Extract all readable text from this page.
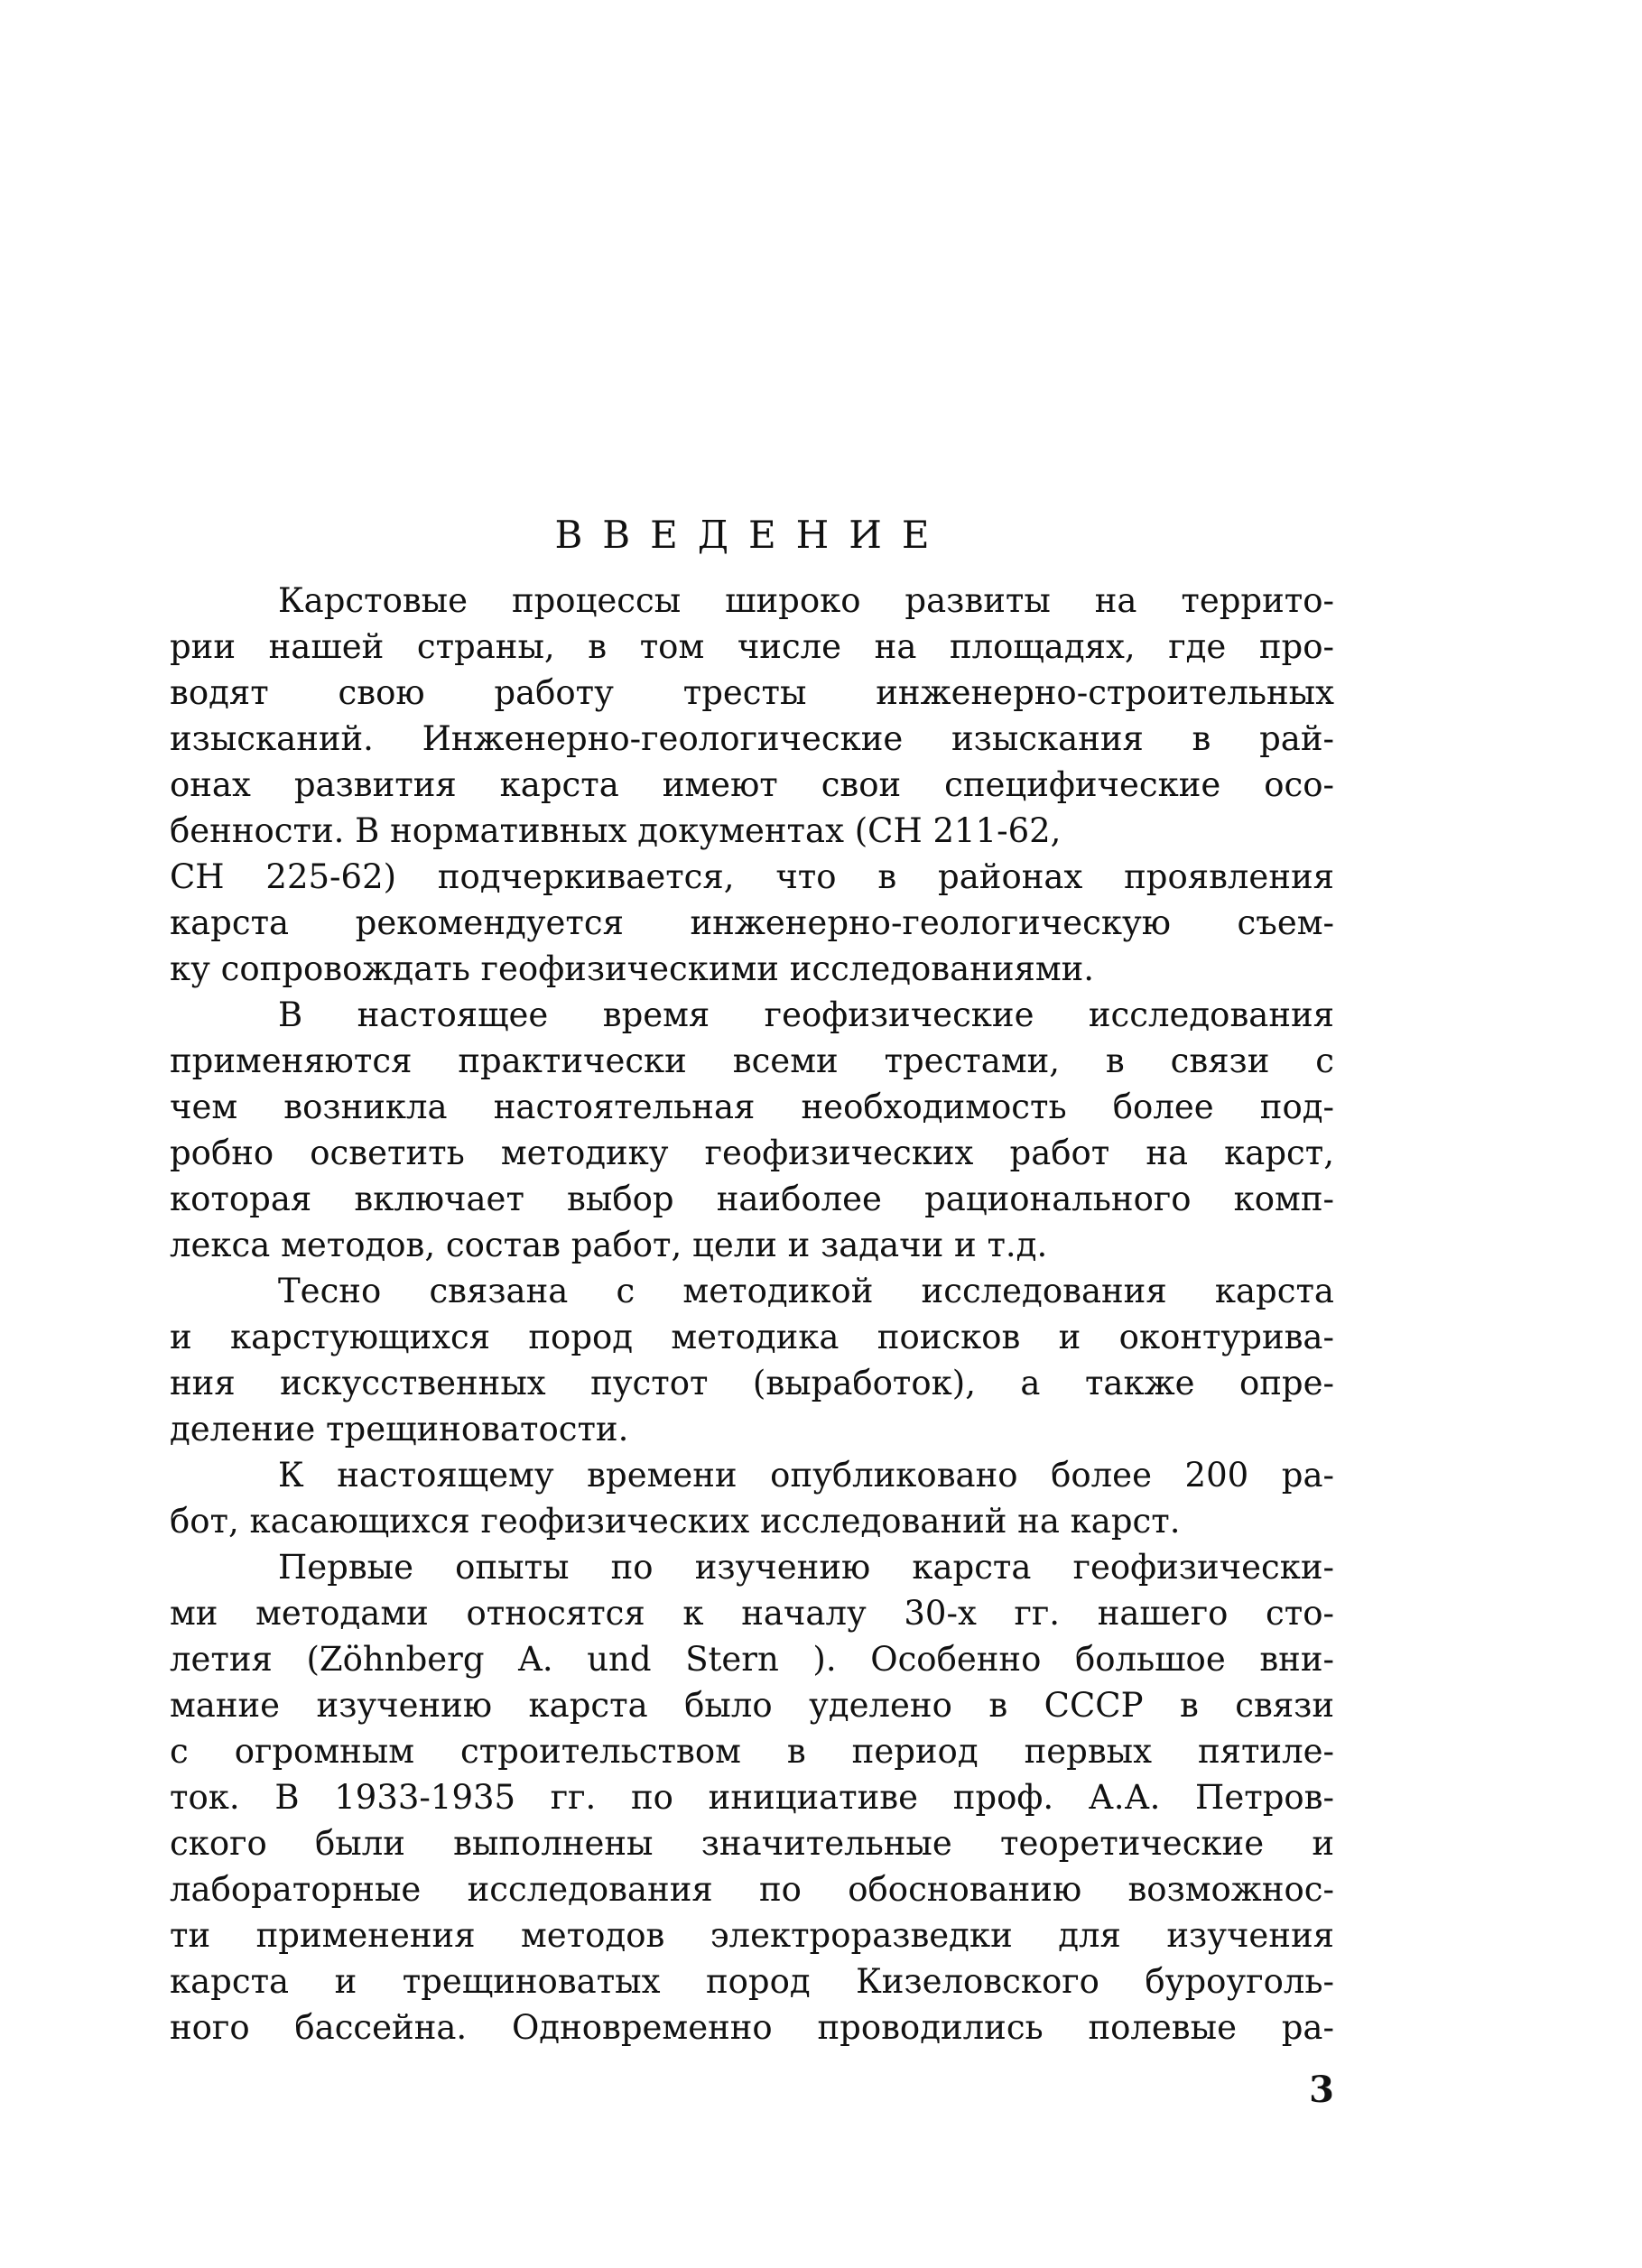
ВВЕДЕНИЕ
Карстовые процессы широко развиты на террито-
рии нашей страны, в том числе на площадях, где про-
водят свою работу тресты инженерно-строительных
изысканий. Инженерно-геологические изыскания в рай-
онах развития карста имеют свои специфические осо-
бенности. В нормативных документах (СН 211-62,
СН 225-62) подчеркивается, что в районах проявления
карста рекомендуется инженерно-геологическую съем-
ку сопровождать геофизическими исследованиями.
В настоящее время геофизические исследования
применяются практически всеми трестами, в связи с
чем возникла настоятельная необходимость более под-
робно осветить методику геофизических работ на карст,
которая включает выбор наиболее рационального комп-
лекса методов, состав работ, цели и задачи и т.д.
Тесно связана с методикой исследования карста
и карстующихся пород методика поисков и оконтурива-
ния искусственных пустот (выработок), а также опре-
деление трещиноватости.
К настоящему времени опубликовано более 200 ра-
бот, касающихся геофизических исследований на карст.
Первые опыты по изучению карста геофизически-
ми методами относятся к началу 30-х гг. нашего сто-
летия (Zöhnberg A. und Stern ). Особенно большое вни-
мание изучению карста было уделено в СССР в связи
с огромным строительством в период первых пятиле-
ток. В 1933-1935 гг. по инициативе проф. А.А. Петров-
ского были выполнены значительные теоретические и
лабораторные исследования по обоснованию возможнос-
ти применения методов электроразведки для изучения
карста и трещиноватых пород Кизеловского буроуголь-
ного бассейна. Одновременно проводились полевые ра-
3
